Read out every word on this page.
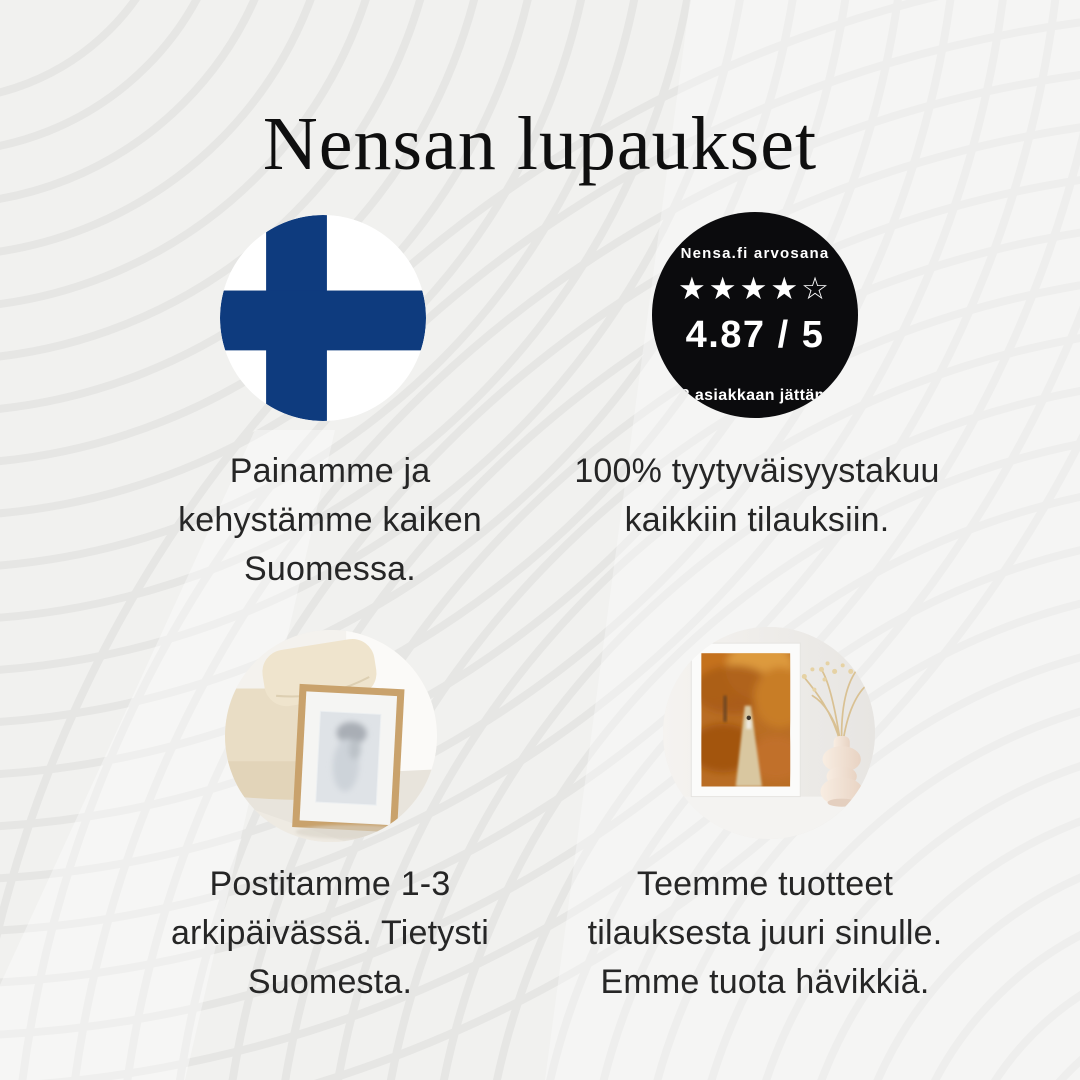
Nensan lupaukset
Nensa.fi arvosana
★★★★☆
4.87 / 5
768 asiakkaan jättämää
Painamme ja
kehystämme kaiken
Suomessa.
100% tyytyväisyystakuu
kaikkiin tilauksiin.
Postitamme 1-3
arkipäivässä. Tietysti
Suomesta.
Teemme tuotteet
tilauksesta juuri sinulle.
Emme tuota hävikkiä.
